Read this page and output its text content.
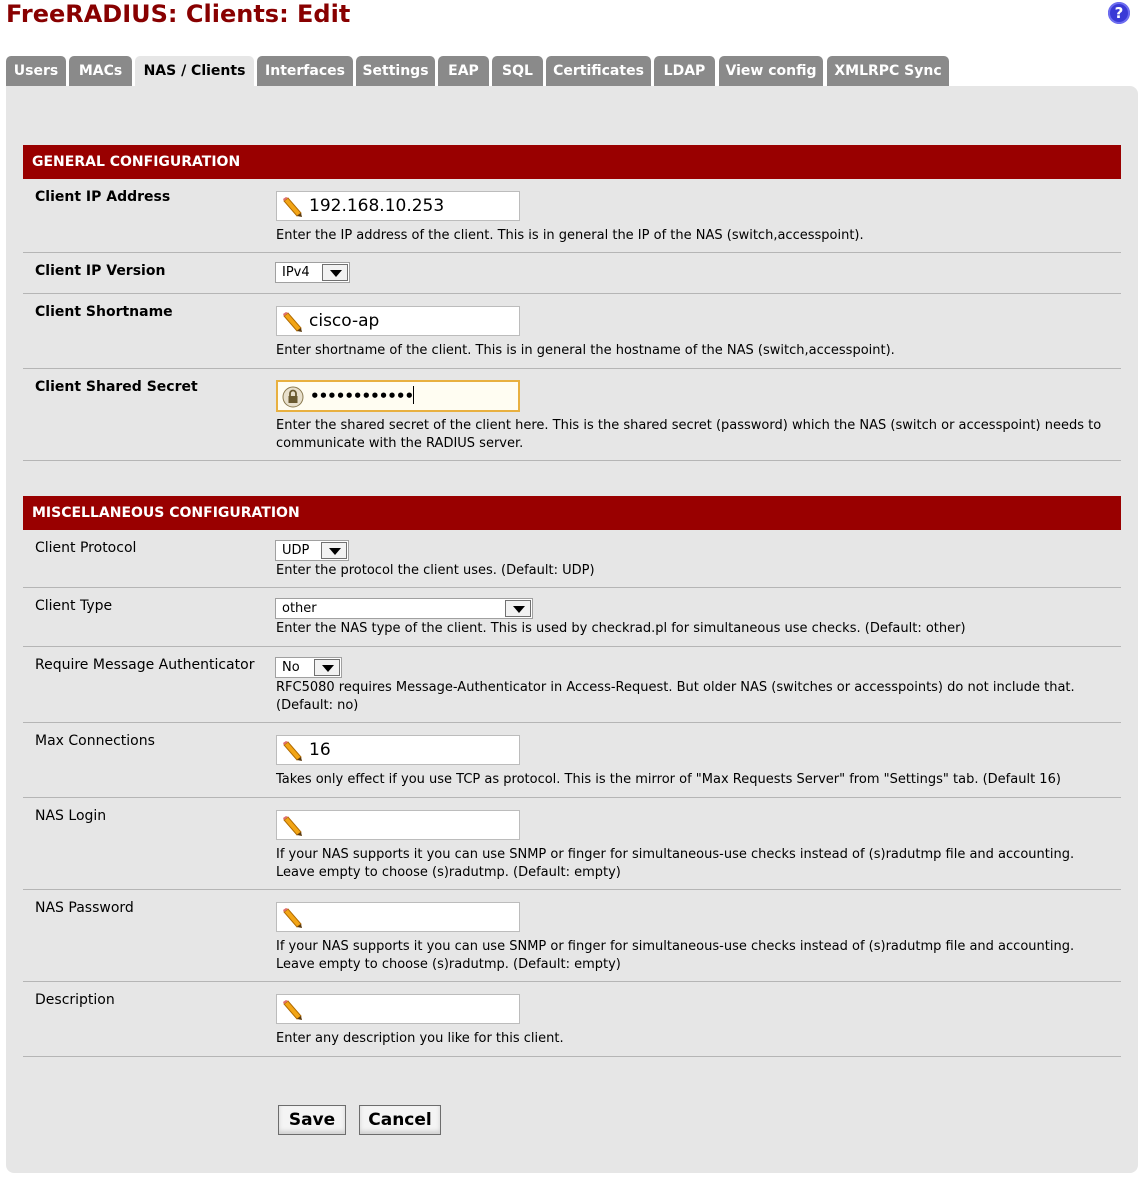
FreeRADIUS: Clients: Edit	?
Users	MACs	NAS / Clients	Interfaces	Settings	EAP	SQL	Certificates	LDAP	View config	XMLRPC Sync
GENERAL CONFIGURATION
Client IP Address	192.168.10.253
Enter the IP address of the client. This is in general the IP of the NAS (switch,accesspoint).
Client IP Version	IPv4
Client Shortname	cisco-ap
Enter shortname of the client. This is in general the hostname of the NAS (switch,accesspoint).
Client Shared Secret	••••••••••••
Enter the shared secret of the client here. This is the shared secret (password) which the NAS (switch or accesspoint) needs to communicate with the RADIUS server.
MISCELLANEOUS CONFIGURATION
Client Protocol	UDP
Enter the protocol the client uses. (Default: UDP)
Client Type	other
Enter the NAS type of the client. This is used by checkrad.pl for simultaneous use checks. (Default: other)
Require Message Authenticator	No
RFC5080 requires Message-Authenticator in Access-Request. But older NAS (switches or accesspoints) do not include that. (Default: no)
Max Connections	16
Takes only effect if you use TCP as protocol. This is the mirror of "Max Requests Server" from "Settings" tab. (Default 16)
NAS Login
If your NAS supports it you can use SNMP or finger for simultaneous-use checks instead of (s)radutmp file and accounting. Leave empty to choose (s)radutmp. (Default: empty)
NAS Password
If your NAS supports it you can use SNMP or finger for simultaneous-use checks instead of (s)radutmp file and accounting. Leave empty to choose (s)radutmp. (Default: empty)
Description
Enter any description you like for this client.
Save	Cancel
